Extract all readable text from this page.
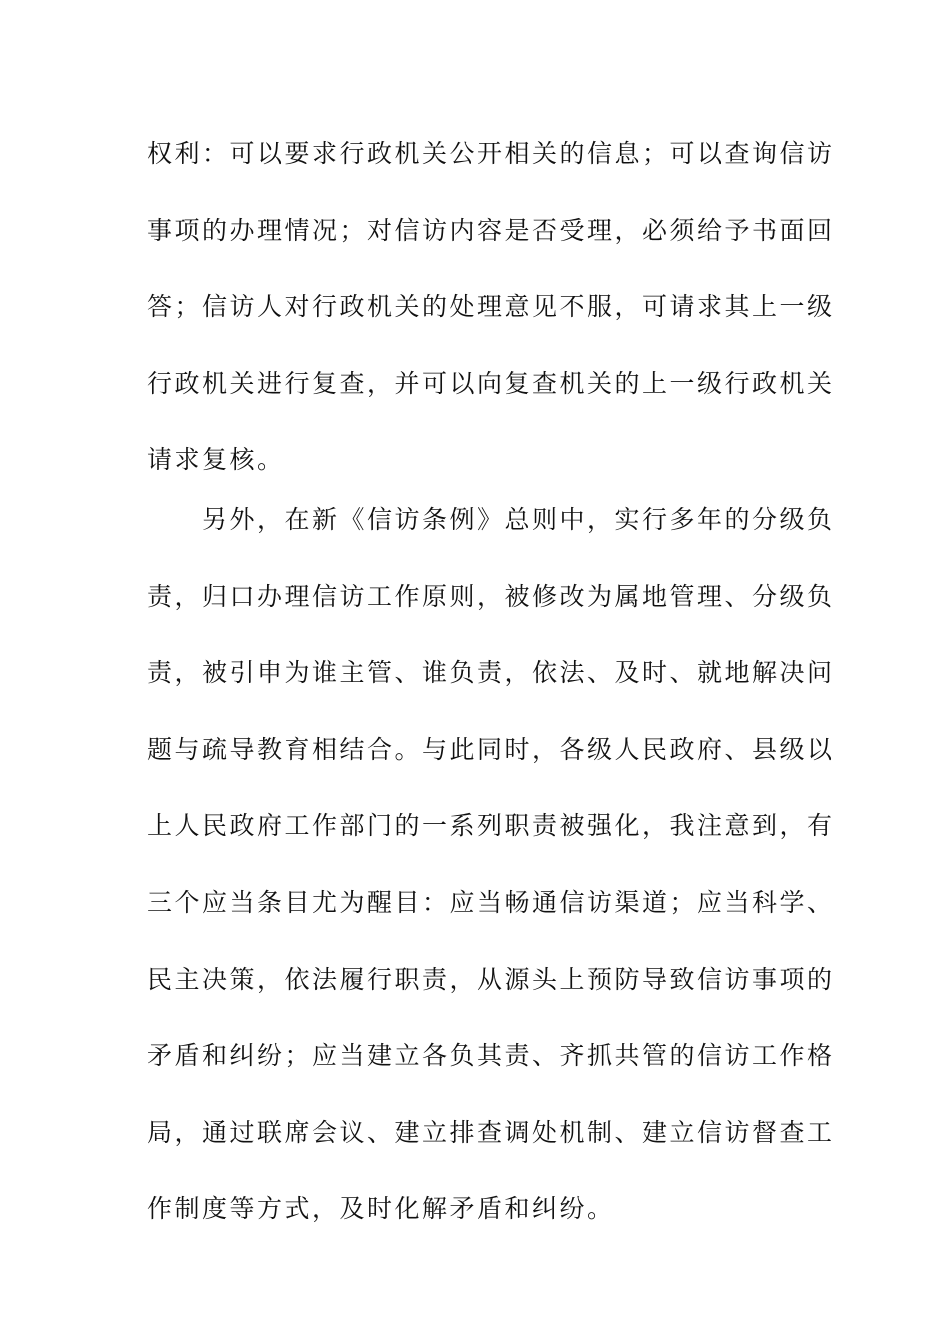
权利：可以要求行政机关公开相关的信息；可以查询信访
事项的办理情况；对信访内容是否受理，必须给予书面回
答；信访人对行政机关的处理意见不服，可请求其上一级
行政机关进行复查，并可以向复查机关的上一级行政机关
请求复核。
另外，在新《信访条例》总则中，实行多年的分级负
责，归口办理信访工作原则，被修改为属地管理、分级负
责，被引申为谁主管、谁负责，依法、及时、就地解决问
题与疏导教育相结合。与此同时，各级人民政府、县级以
上人民政府工作部门的一系列职责被强化，我注意到，有
三个应当条目尤为醒目：应当畅通信访渠道；应当科学、
民主决策，依法履行职责，从源头上预防导致信访事项的
矛盾和纠纷；应当建立各负其责、齐抓共管的信访工作格
局，通过联席会议、建立排查调处机制、建立信访督查工
作制度等方式，及时化解矛盾和纠纷。
